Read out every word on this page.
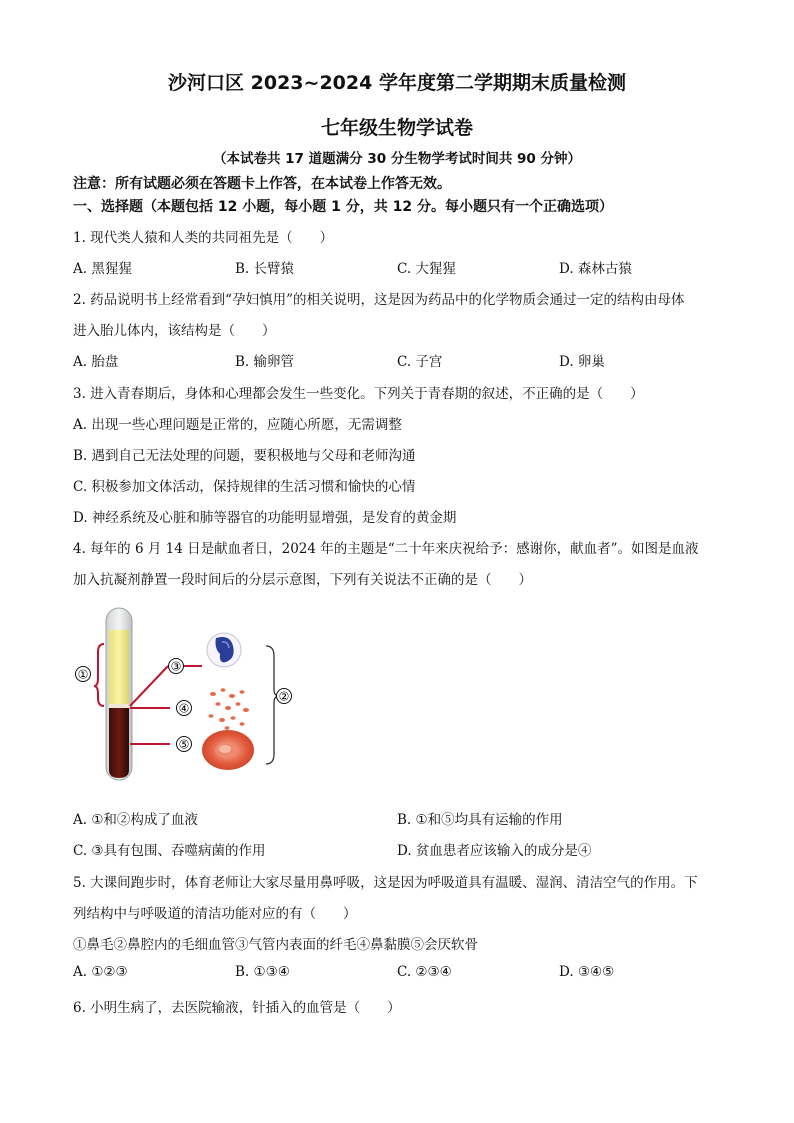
沙河口区 2023~2024 学年度第二学期期末质量检测
七年级生物学试卷
（本试卷共 17 道题满分 30 分生物学考试时间共 90 分钟）
注意：所有试题必须在答题卡上作答，在本试卷上作答无效。
一、选择题（本题包括 12 小题，每小题 1 分，共 12 分。每小题只有一个正确选项）
1. 现代类人猿和人类的共同祖先是（　　）
A. 黑猩猩	B. 长臂猿	C. 大猩猩	D. 森林古猿
2. 药品说明书上经常看到“孕妇慎用”的相关说明，这是因为药品中的化学物质会通过一定的结构由母体
进入胎儿体内，该结构是（　　）
A. 胎盘	B. 输卵管	C. 子宫	D. 卵巢
3. 进入青春期后，身体和心理都会发生一些变化。下列关于青春期的叙述，不正确的是（　　）
A. 出现一些心理问题是正常的，应随心所愿，无需调整
B. 遇到自己无法处理的问题，要积极地与父母和老师沟通
C. 积极参加文体活动，保持规律的生活习惯和愉快的心情
D. 神经系统及心脏和肺等器官的功能明显增强，是发育的黄金期
4. 每年的 6 月 14 日是献血者日，2024 年的主题是“二十年来庆祝给予：感谢你，献血者”。如图是血液
加入抗凝剂静置一段时间后的分层示意图，下列有关说法不正确的是（　　）
①
③
④
⑤
②
A. ①和②构成了血液	B. ①和⑤均具有运输的作用
C. ③具有包围、吞噬病菌的作用	D. 贫血患者应该输入的成分是④
5. 大课间跑步时，体育老师让大家尽量用鼻呼吸，这是因为呼吸道具有温暖、湿润、清洁空气的作用。下
列结构中与呼吸道的清洁功能对应的有（　　）
①鼻毛②鼻腔内的毛细血管③气管内表面的纤毛④鼻黏膜⑤会厌软骨
A. ①②③	B. ①③④	C. ②③④	D. ③④⑤
6. 小明生病了，去医院输液，针插入的血管是（　　）
